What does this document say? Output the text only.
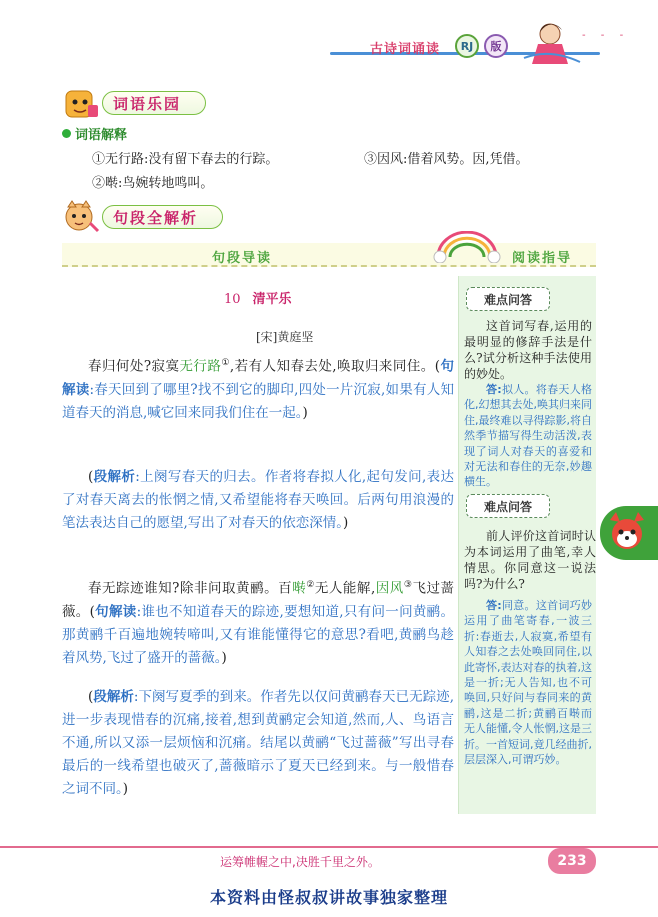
古诗词诵读	RJ	版
- - -
词语乐园
词语解释
①无行路:没有留下春去的行踪。	③因风:借着风势。因,凭借。
②啭:鸟婉转地鸣叫。
句段全解析
句段导读	阅读指导
10 清平乐
[宋]黄庭坚
春归何处?寂寞无行路①,若有人知春去处,唤取归来同住。(句解读:春天回到了哪里?找不到它的脚印,四处一片沉寂,如果有人知道春天的消息,喊它回来同我们住在一起。)
(段解析:上阕写春天的归去。作者将春拟人化,起句发问,表达了对春天离去的怅惘之情,又希望能将春天唤回。后两句用浪漫的笔法表达自己的愿望,写出了对春天的依恋深情。)
春无踪迹谁知?除非问取黄鹂。百啭②无人能解,因风③飞过蔷薇。(句解读:谁也不知道春天的踪迹,要想知道,只有问一问黄鹂。那黄鹂千百遍地婉转啼叫,又有谁能懂得它的意思?看吧,黄鹂鸟趁着风势,飞过了盛开的蔷薇。)
(段解析:下阕写夏季的到来。作者先以仅问黄鹂春天已无踪迹,进一步表现惜春的沉痛,接着,想到黄鹂定会知道,然而,人、鸟语言不通,所以又添一层烦恼和沉痛。结尾以黄鹂“飞过蔷薇”写出寻春最后的一线希望也破灭了,蔷薇暗示了夏天已经到来。与一般惜春之词不同。)
难点问答
这首词写春,运用的最明显的修辞手法是什么?试分析这种手法使用的妙处。
答:拟人。将春天人格化,幻想其去处,唤其归来同住,最终难以寻得踪影,将自然季节描写得生动活泼,表现了词人对春天的喜爱和对无法和春住的无奈,妙趣横生。
难点问答
前人评价这首词时认为本词运用了曲笔,幸人情思。你同意这一说法吗?为什么?
答:同意。这首词巧妙运用了曲笔寄春,一波三折:春逝去,人寂寞,希望有人知春之去处唤回同住,以此寄怀,表达对春的执着,这是一折;无人告知,也不可唤回,只好问与春同来的黄鹂,这是二折;黄鹂百啭而无人能懂,令人怅惘,这是三折。一首短词,竟几经曲折,层层深入,可谓巧妙。
运筹帷幄之中,决胜千里之外。	233
本资料由怪叔叔讲故事独家整理
